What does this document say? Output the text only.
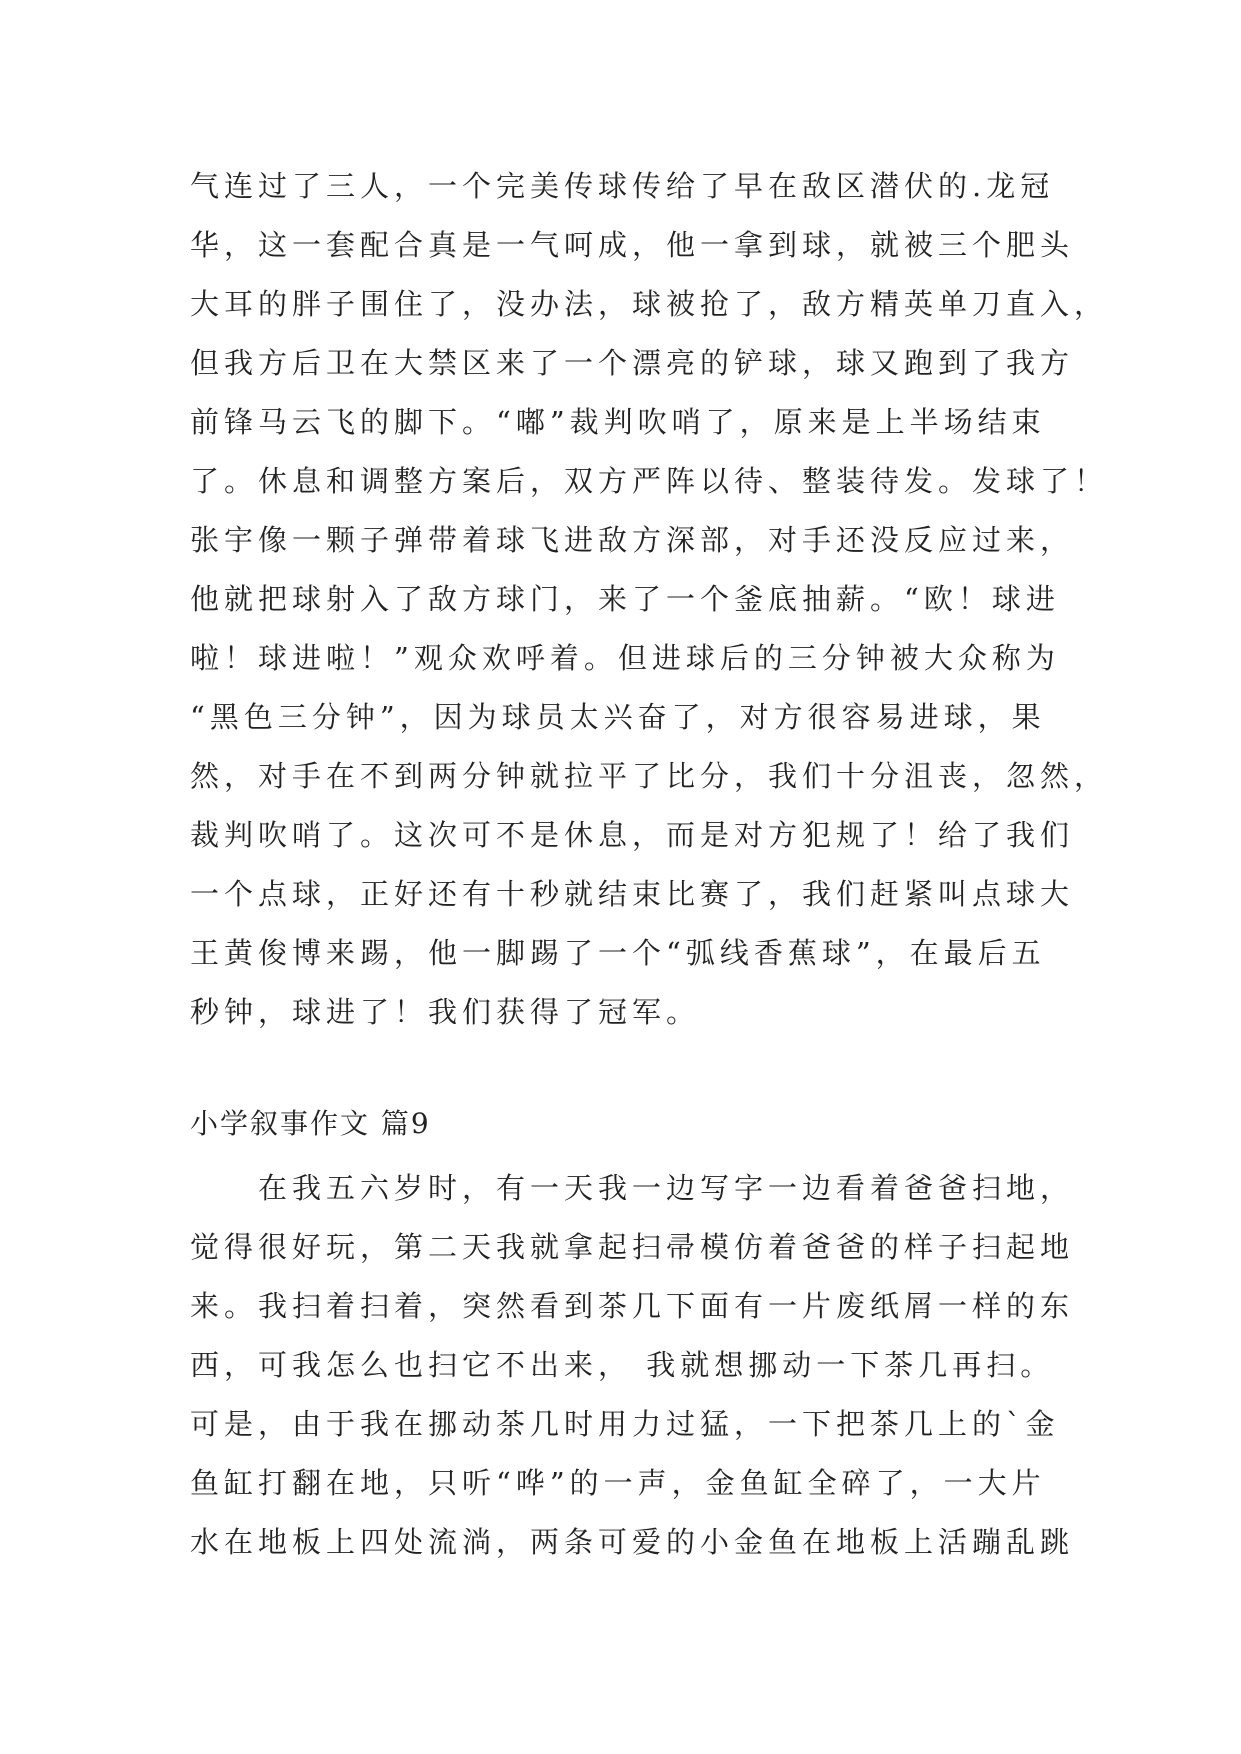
气连过了三人，一个完美传球传给了早在敌区潜伏的.龙冠
华，这一套配合真是一气呵成，他一拿到球，就被三个肥头
大耳的胖子围住了，没办法，球被抢了，敌方精英单刀直入，
但我方后卫在大禁区来了一个漂亮的铲球，球又跑到了我方
前锋马云飞的脚下。“嘟”裁判吹哨了，原来是上半场结束
了。休息和调整方案后，双方严阵以待、整装待发。发球了！
张宇像一颗子弹带着球飞进敌方深部，对手还没反应过来，
他就把球射入了敌方球门，来了一个釜底抽薪。“欧！球进
啦！球进啦！”观众欢呼着。但进球后的三分钟被大众称为
“黑色三分钟”，因为球员太兴奋了，对方很容易进球，果
然，对手在不到两分钟就拉平了比分，我们十分沮丧，忽然，
裁判吹哨了。这次可不是休息，而是对方犯规了！给了我们
一个点球，正好还有十秒就结束比赛了，我们赶紧叫点球大
王黄俊博来踢，他一脚踢了一个“弧线香蕉球”，在最后五
秒钟，球进了！我们获得了冠军。
小学叙事作文 篇9
在我五六岁时，有一天我一边写字一边看着爸爸扫地，
觉得很好玩，第二天我就拿起扫帚模仿着爸爸的样子扫起地
来。我扫着扫着，突然看到茶几下面有一片废纸屑一样的东
西，可我怎么也扫它不出来， 我就想挪动一下茶几再扫。
可是，由于我在挪动茶几时用力过猛，一下把茶几上的`金
鱼缸打翻在地，只听“哗”的一声，金鱼缸全碎了，一大片
水在地板上四处流淌，两条可爱的小金鱼在地板上活蹦乱跳
